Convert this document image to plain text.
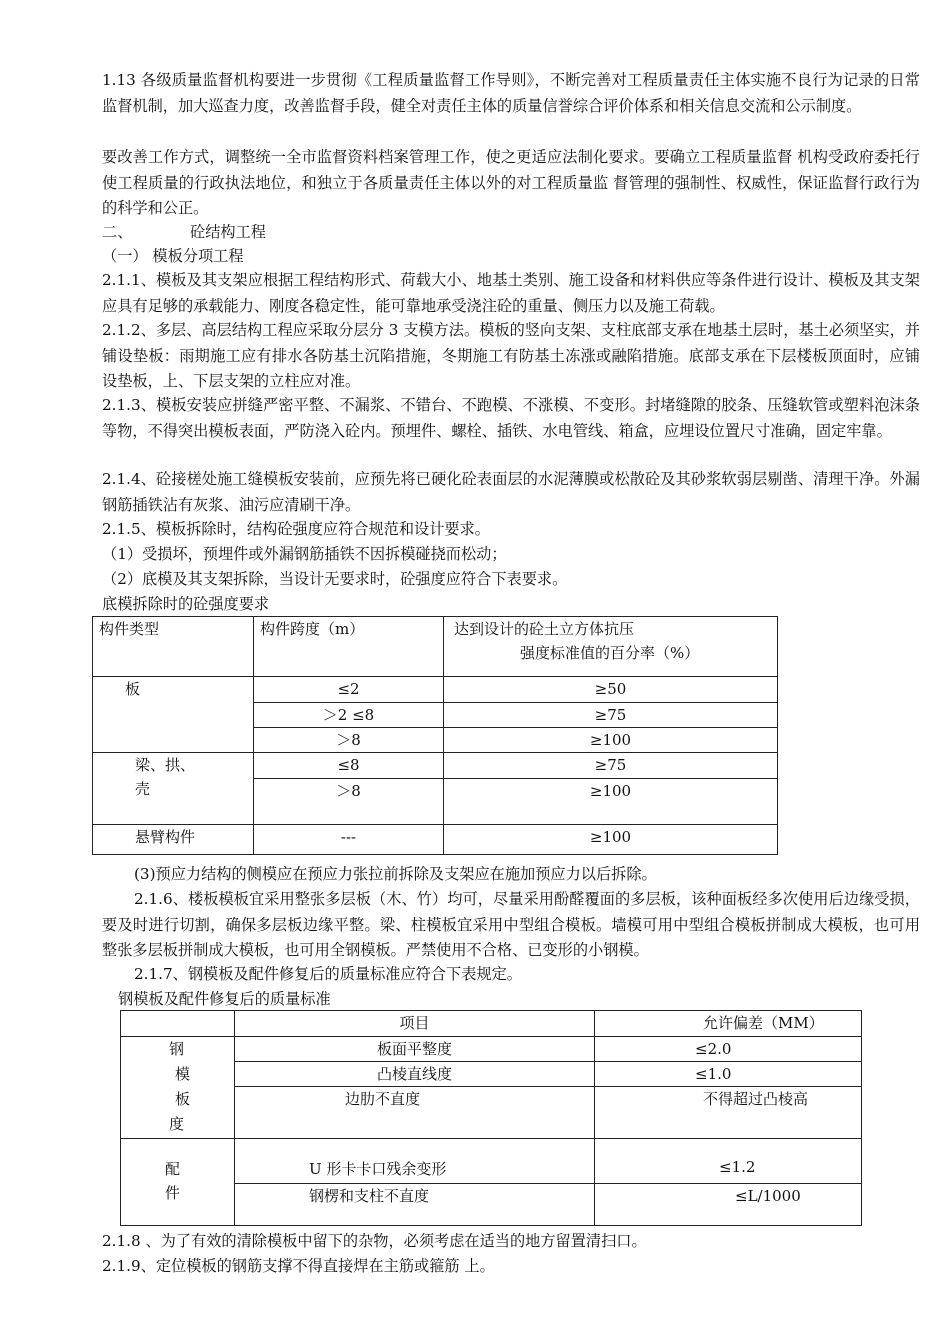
1.13 各级质量监督机构要进一步贯彻《工程质量监督工作导则》，不断完善对工程质量责任主体实施不良行为记录的日常监督机制，加大巡查力度，改善监督手段，健全对责任主体的质量信誉综合评价体系和相关信息交流和公示制度。

要改善工作方式，调整统一全市监督资料档案管理工作，使之更适应法制化要求。要确立工程质量监督 机构受政府委托行使工程质量的行政执法地位，和独立于各质量责任主体以外的对工程质量监 督管理的强制性、权威性，保证监督行政行为的科学和公正。

二、	砼结构工程
（一） 模板分项工程

2.1.1、模板及其支架应根据工程结构形式、荷载大小、地基土类别、施工设备和材料供应等条件进行设计、模板及其支架应具有足够的承载能力、刚度各稳定性，能可靠地承受浇注砼的重量、侧压力以及施工荷载。

2.1.2、多层、高层结构工程应采取分层分 3 支模方法。模板的竖向支架、支柱底部支承在地基土层时，基土必须坚实，并铺设垫板：雨期施工应有排水各防基土沉陷措施，冬期施工有防基土冻涨或融陷措施。底部支承在下层楼板顶面时，应铺设垫板，上、下层支架的立柱应对准。

2.1.3、模板安装应拼缝严密平整、不漏浆、不错台、不跑模、不涨模、不变形。封堵缝隙的胶条、压缝软管或塑料泡沫条等物，不得突出模板表面，严防浇入砼内。预埋件、螺栓、插铁、水电管线、箱盒，应埋设位置尺寸准确，固定牢靠。

2.1.4、砼接槎处施工缝模板安装前，应预先将已硬化砼表面层的水泥薄膜或松散砼及其砂浆软弱层剔凿、清理干净。外漏钢筋插铁沾有灰浆、油污应清刷干净。

2.1.5、模板拆除时，结构砼强度应符合规范和设计要求。
（1）受损坏，预埋件或外漏钢筋插铁不因拆模碰挠而松动；
（2）底模及其支架拆除，当设计无要求时，砼强度应符合下表要求。
底模拆除时的砼强度要求
构件类型	构件跨度（m）	达到设计的砼土立方体抗压
强度标准值的百分率（%）

板	≤2	≥50
	＞2 ≤8	≥75
	＞8	≥100

梁、拱、
壳	≤8	≥75
	＞8	≥100
悬臂构件	---	≥100
(3)预应力结构的侧模应在预应力张拉前拆除及支架应在施加预应力以后拆除。

2.1.6、楼板模板宜采用整张多层板（木、竹）均可，尽量采用酚醛覆面的多层板，该种面板经多次使用后边缘受损，要及时进行切割，确保多层板边缘平整。梁、柱模板宜采用中型组合模板。墙模可用中型组合模板拼制成大模板，也可用整张多层板拼制成大模板，也可用全钢模板。严禁使用不合格、已变形的小钢模。

2.1.7、钢模板及配件修复后的质量标准应符合下表规定。
钢模板及配件修复后的质量标准
	项目	允许偏差（MM）

钢
模
板
度	板面平整度	≤2.0
	凸棱直线度	≤1.0
	边肋不直度	不得超过凸棱高

配
件	U 形卡卡口残余变形	≤1.2
	钢楞和支柱不直度	≤L/1000
2.1.8 、为了有效的清除模板中留下的杂物，必须考虑在适当的地方留置清扫口。
2.1.9、定位模板的钢筋支撑不得直接焊在主筋或箍筋 上。
